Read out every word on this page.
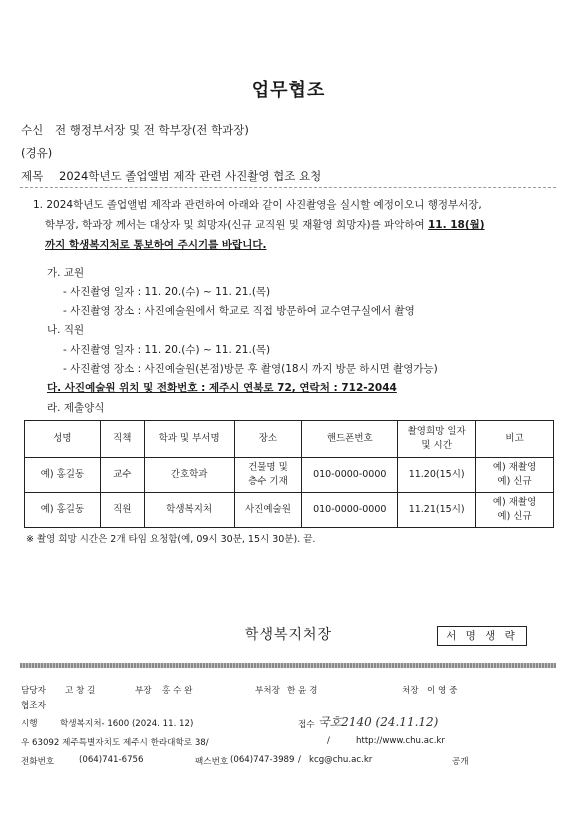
업무협조
수신 전 행정부서장 및 전 학부장(전 학과장)
(경유)
제목 2024학년도 졸업앨범 제작 관련 사진촬영 협조 요청
1. 2024학년도 졸업앨범 제작과 관련하여 아래와 같이 사진촬영을 실시할 예정이오니 행정부서장,
학부장, 학과장 께서는 대상자 및 희망자(신규 교직원 및 재활영 희망자)를 파악하여 11. 18(월)
까지 학생복지처로 통보하여 주시기를 바랍니다.
가. 교원
- 사진촬영 일자 : 11. 20.(수) ~ 11. 21.(목)
- 사진촬영 장소 : 사진예술원에서 학교로 직접 방문하여 교수연구실에서 촬영
나. 직원
- 사진촬영 일자 : 11. 20.(수) ~ 11. 21.(목)
- 사진촬영 장소 : 사진예술원(본점)방문 후 촬영(18시 까지 방문 하시면 촬영가능)
다. 사진예술원 위치 및 전화번호 : 제주시 연북로 72, 연락처 : 712-2044
라. 제출양식
성명	직책	학과 및 부서명	장소	핸드폰번호	촬영희망 일자
및 시간	비고
예) 홍길동	교수	간호학과	건물명 및
층수 기재	010-0000-0000	11.20(15시)	예) 재촬영
예) 신규
예) 홍길동	직원	학생복지처	사진예술원	010-0000-0000	11.21(15시)	예) 재촬영
예) 신규
※ 촬영 희망 시간은 2개 타임 요청함(예, 09시 30분, 15시 30분). 끝.
학생복지처장	서 명 생 략
담당자 고 창 길	부장 홍 수 완	부처장 한 윤 경	처장 이 영 중
협조자
시행	학생복지처- 1600 (2024. 11. 12)	접수 국호2140 (24.11.12)
우 63092 제주특별자치도 제주시 한라대학로 38/	/	http://www.chu.ac.kr
전화번호	(064)741-6756	팩스번호 (064)747-3989 / kcg@chu.ac.kr	공개
